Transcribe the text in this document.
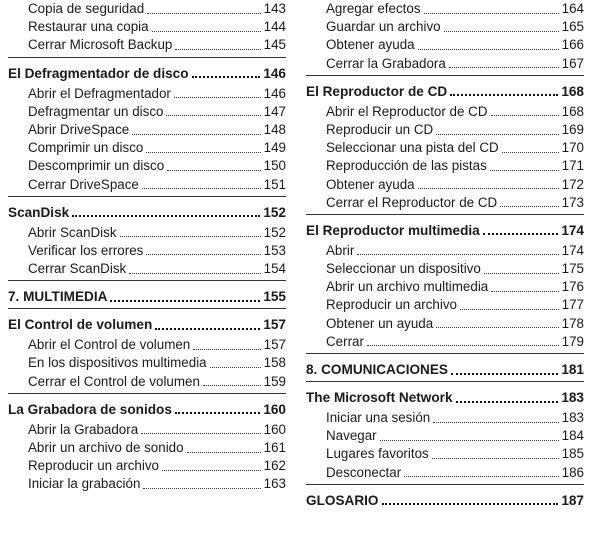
Copia de seguridad	143
Restaurar una copia	144
Cerrar Microsoft Backup	145
El Defragmentador de disco	146
Abrir el Defragmentador	146
Defragmentar un disco	147
Abrir DriveSpace	148
Comprimir un disco	149
Descomprimir un disco	150
Cerrar DriveSpace	151
ScanDisk	152
Abrir ScanDisk	152
Verificar los errores	153
Cerrar ScanDisk	154
7. MULTIMEDIA	155
El Control de volumen	157
Abrir el Control de volumen	157
En los dispositivos multimedia	158
Cerrar el Control de volumen	159
La Grabadora de sonidos	160
Abrir la Grabadora	160
Abrir un archivo de sonido	161
Reproducir un archivo	162
Iniciar la grabación	163
Agregar efectos	164
Guardar un archivo	165
Obtener ayuda	166
Cerrar la Grabadora	167
El Reproductor de CD	168
Abrir el Reproductor de CD	168
Reproducir un CD	169
Seleccionar una pista del CD	170
Reproducción de las pistas	171
Obtener ayuda	172
Cerrar el Reproductor de CD	173
El Reproductor multimedia	174
Abrir	174
Seleccionar un dispositivo	175
Abrir un archivo multimedia	176
Reproducir un archivo	177
Obtener un ayuda	178
Cerrar	179
8. COMUNICACIONES	181
The Microsoft Network	183
Iniciar una sesión	183
Navegar	184
Lugares favoritos	185
Desconectar	186
GLOSARIO	187
